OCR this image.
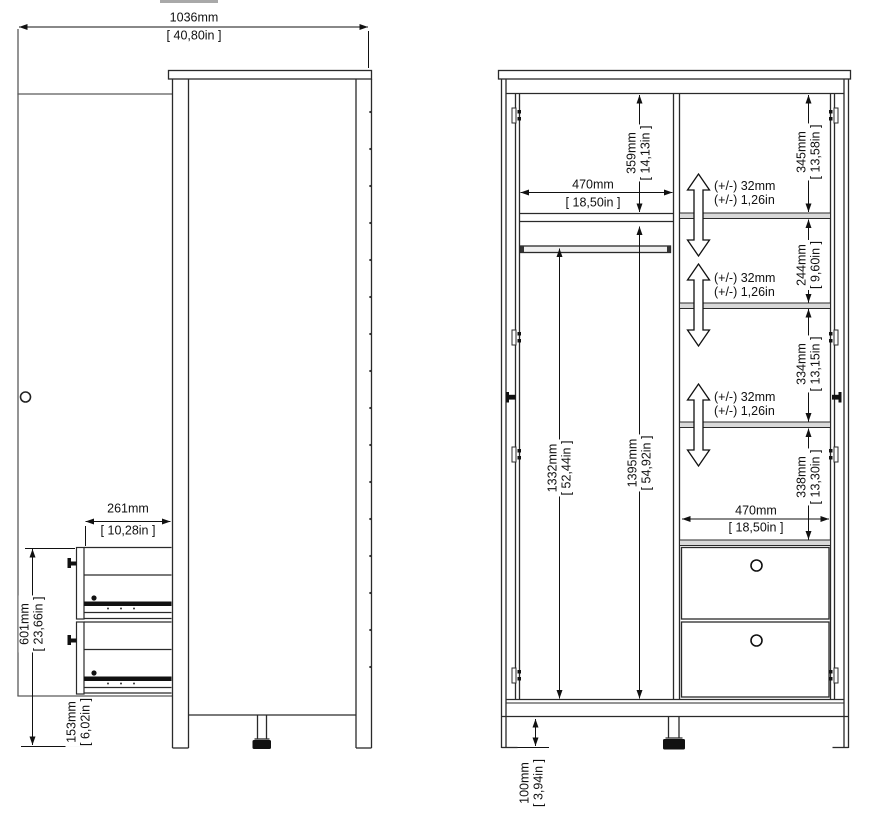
1036mm
[ 40,80in ]
261mm
[ 10,28in ]
601mm [ 23,66in ]
153mm [ 6,02in ]
470mm
[ 18,50in ]
359mm [ 14,13in ]
1395mm [ 54,92in ]
1332mm [ 52,44in ]
345mm [ 13,58in ]
244mm [ 9,60in ]
334mm [ 13,15in ]
338mm [ 13,30in ]
470mm
[ 18,50in ]
100mm [ 3,94in ]
(+/-) 32mm
(+/-) 1,26in
(+/-) 32mm
(+/-) 1,26in
(+/-) 32mm
(+/-) 1,26in
